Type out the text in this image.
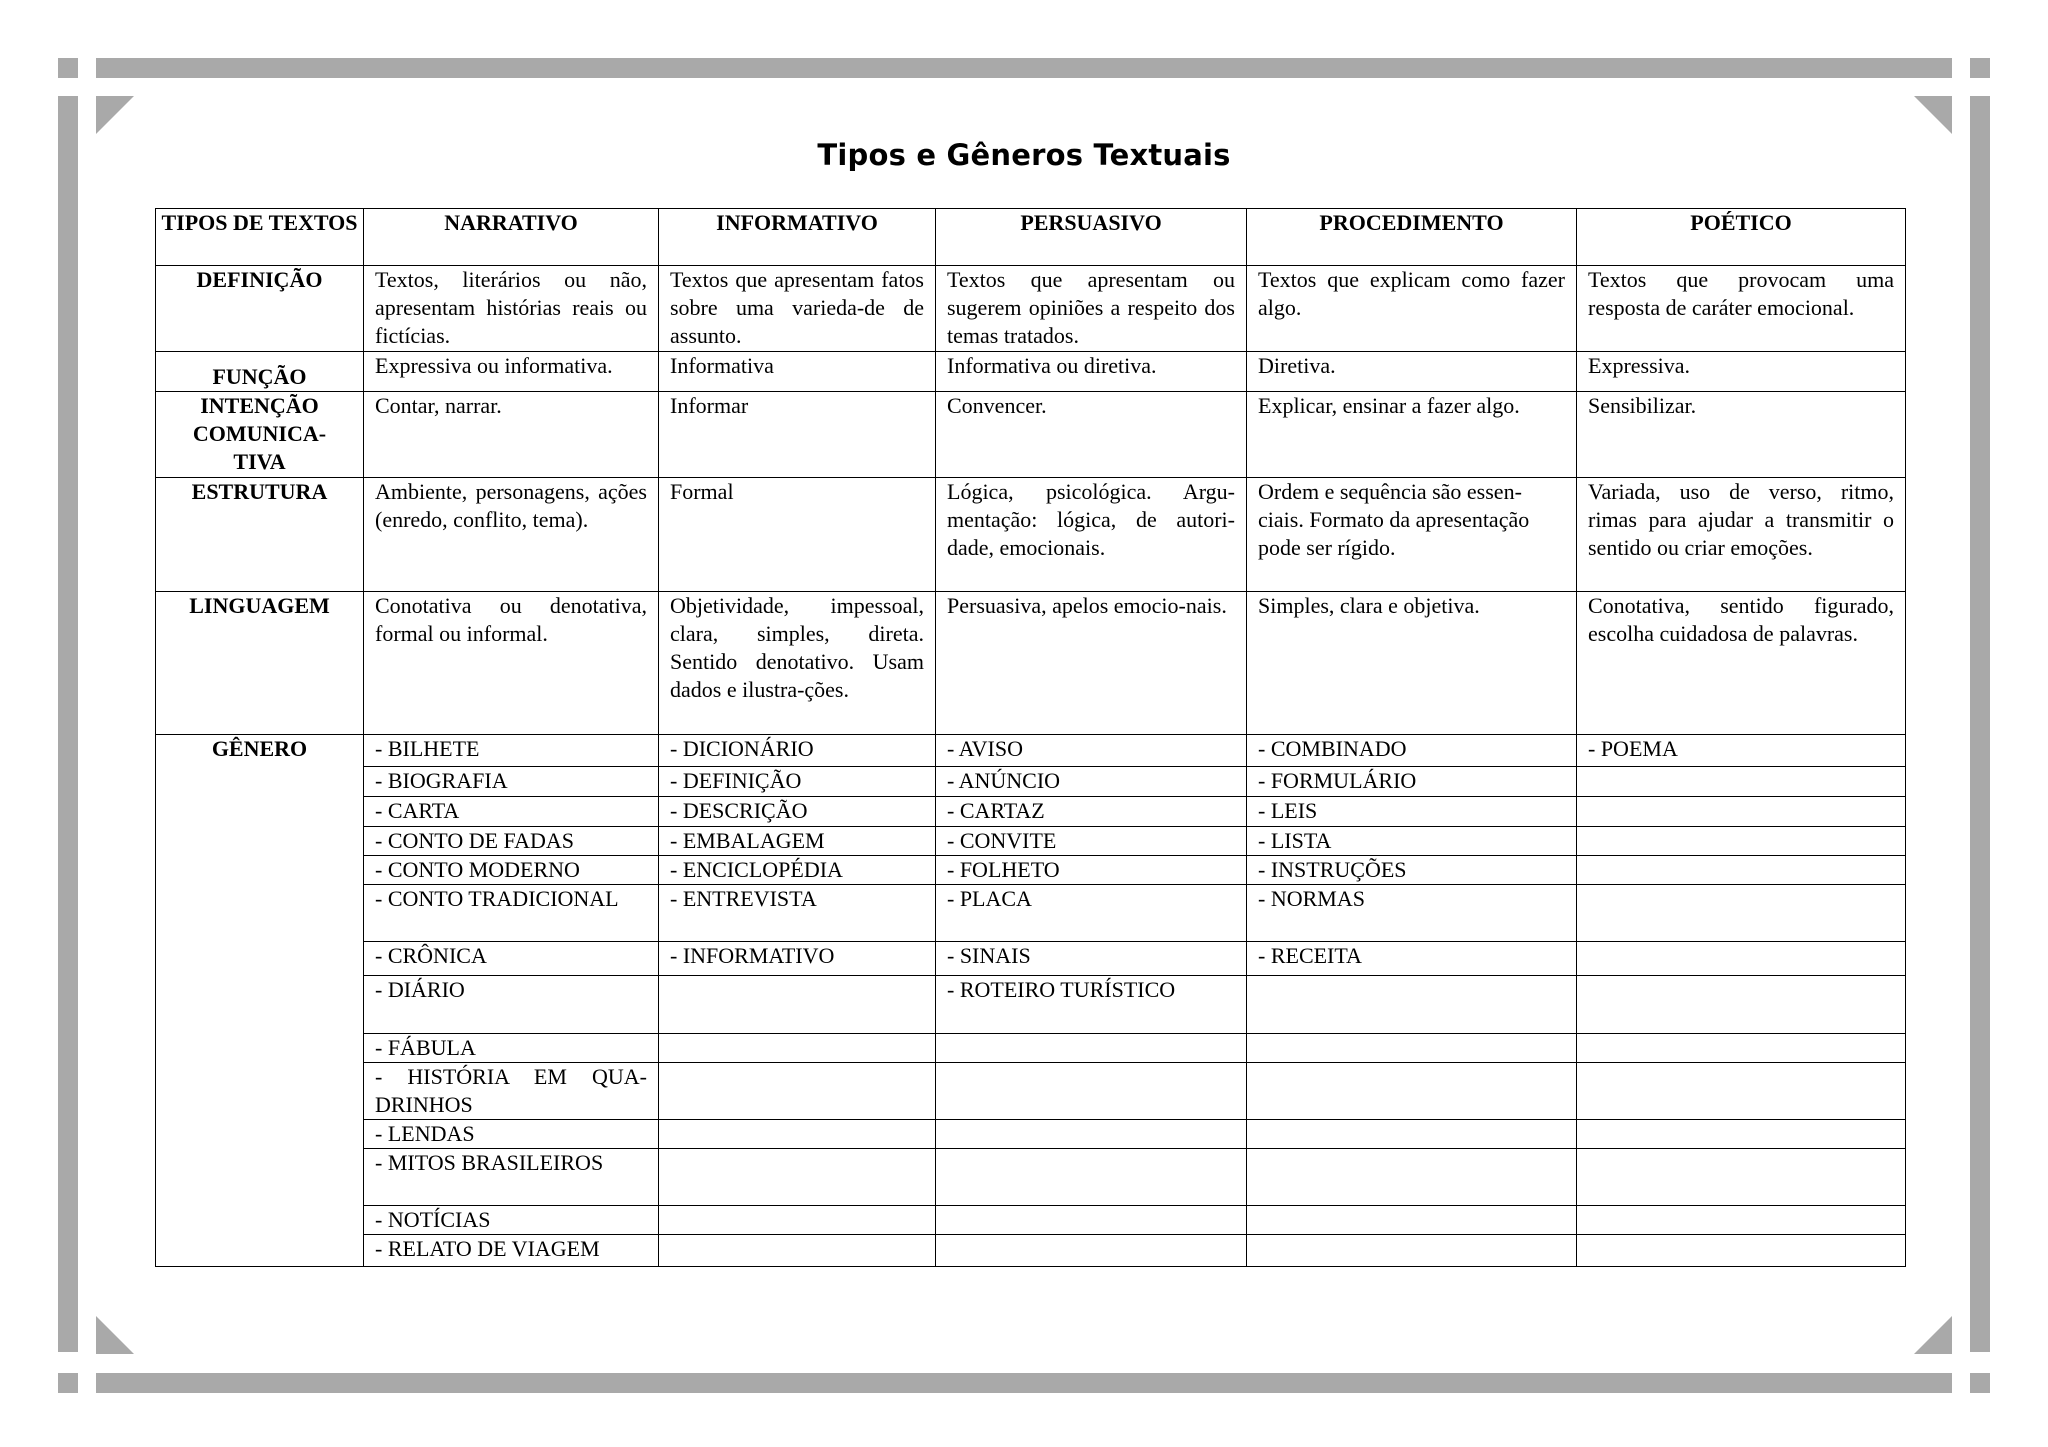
Tipos e Gêneros Textuais
TIPOS DE TEXTOS	NARRATIVO	INFORMATIVO	PERSUASIVO	PROCEDIMENTO	POÉTICO
DEFINIÇÃO	Textos, literários ou não, apresentam histórias reais ou fictícias.	Textos que apresentam fatos sobre uma varieda-de de assunto.	Textos que apresentam ou sugerem opiniões a respeito dos temas tratados.	Textos que explicam como fazer algo.	Textos que provocam uma resposta de caráter emocional.
FUNÇÃO	Expressiva ou informativa.	Informativa	Informativa ou diretiva.	Diretiva.	Expressiva.
INTENÇÃO COMUNICA-TIVA	Contar, narrar.	Informar	Convencer.	Explicar, ensinar a fazer algo.	Sensibilizar.
ESTRUTURA	Ambiente, personagens, ações (enredo, conflito, tema).	Formal	Lógica, psicológica. Argu-mentação: lógica, de autori-dade, emocionais.	Ordem e sequência são essen-ciais. Formato da apresentação pode ser rígido.	Variada, uso de verso, ritmo, rimas para ajudar a transmitir o sentido ou criar emoções.
LINGUAGEM	Conotativa ou denotativa, formal ou informal.	Objetividade, impessoal, clara, simples, direta. Sentido denotativo. Usam dados e ilustra-ções.	Persuasiva, apelos emocio-nais.	Simples, clara e objetiva.	Conotativa, sentido figurado, escolha cuidadosa de palavras.
GÊNERO	- BILHETE	- DICIONÁRIO	- AVISO	- COMBINADO	- POEMA
	- BIOGRAFIA	- DEFINIÇÃO	- ANÚNCIO	- FORMULÁRIO	
	- CARTA	- DESCRIÇÃO	- CARTAZ	- LEIS	
	- CONTO DE FADAS	- EMBALAGEM	- CONVITE	- LISTA	
	- CONTO MODERNO	- ENCICLOPÉDIA	- FOLHETO	- INSTRUÇÕES	
	- CONTO TRADICIONAL	- ENTREVISTA	- PLACA	- NORMAS	
	- CRÔNICA	- INFORMATIVO	- SINAIS	- RECEITA	
	- DIÁRIO		- ROTEIRO TURÍSTICO		
	- FÁBULA				
	- HISTÓRIA EM QUA-DRINHOS				
	- LENDAS				
	- MITOS BRASILEIROS				
	- NOTÍCIAS				
	- RELATO DE VIAGEM				
